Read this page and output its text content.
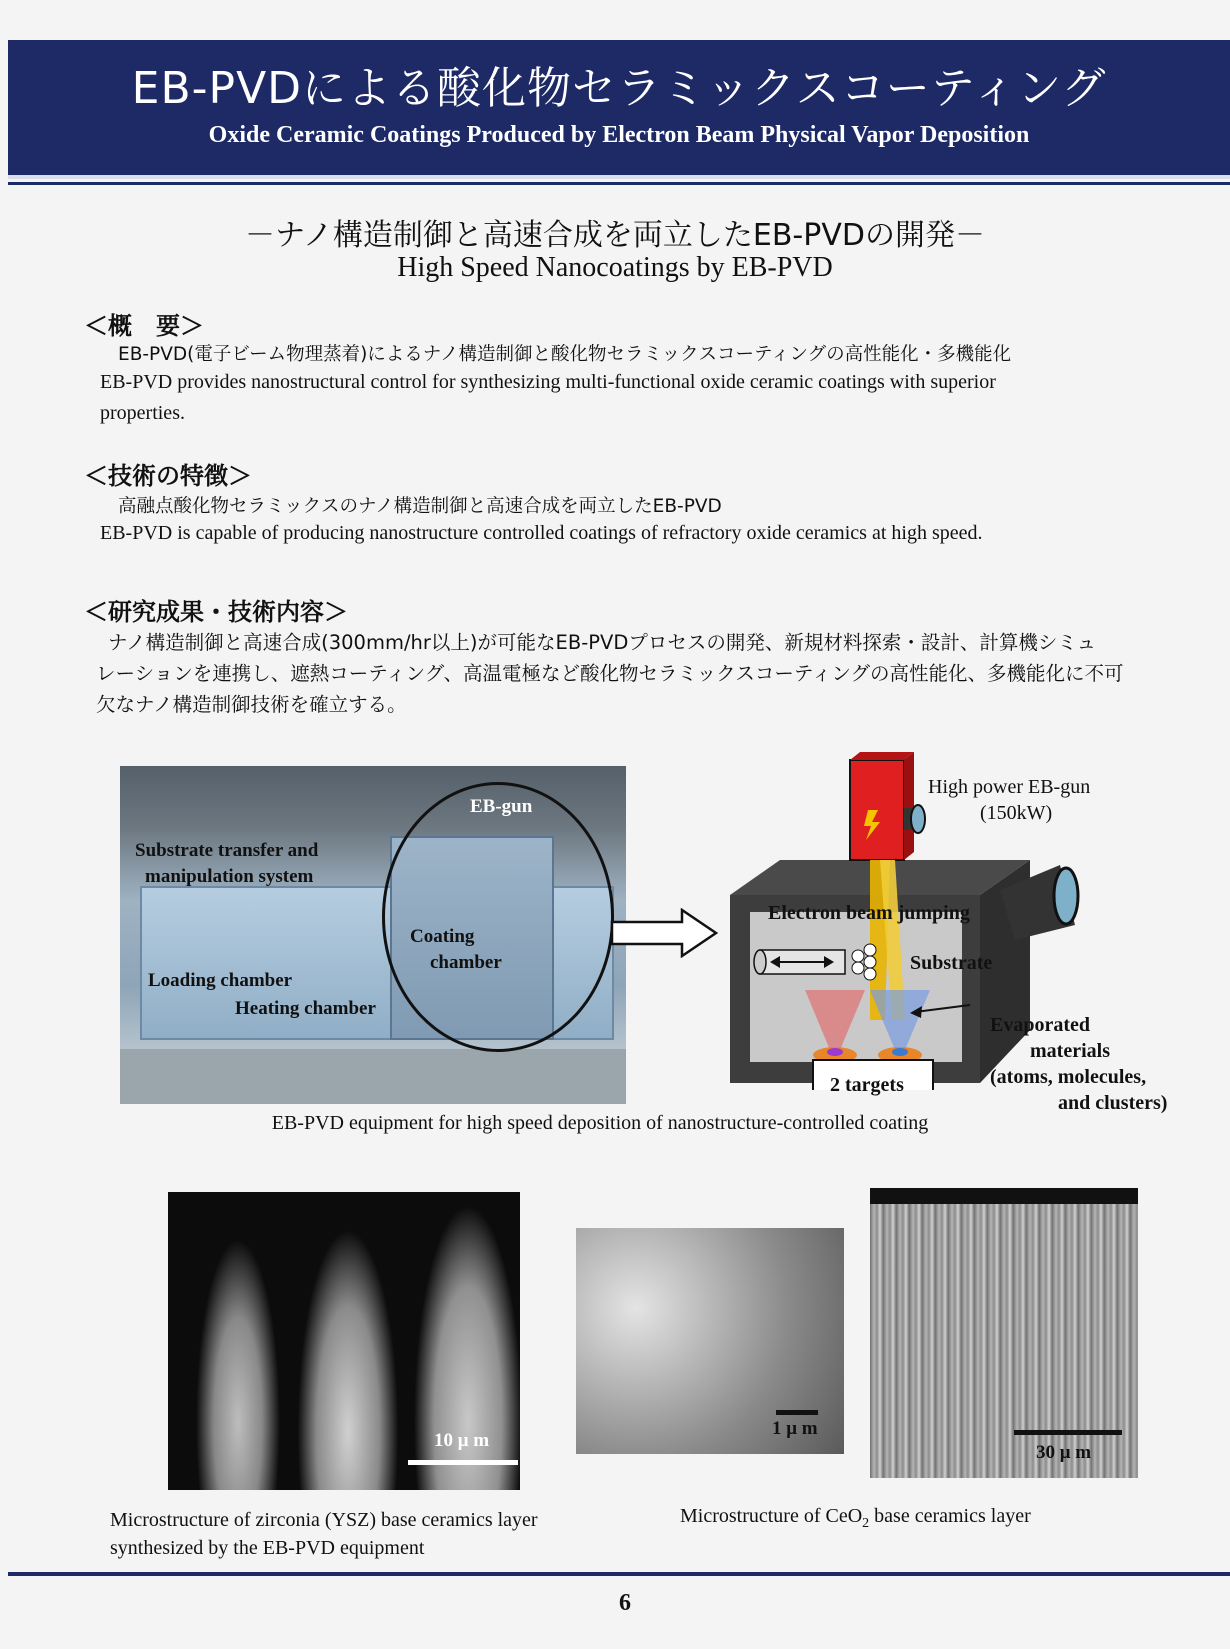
EB-PVDによる酸化物セラミックスコーティング
Oxide Ceramic Coatings Produced by Electron Beam Physical Vapor Deposition
－ナノ構造制御と高速合成を両立したEB-PVDの開発－
High Speed Nanocoatings by EB-PVD
＜概　要＞
EB-PVD(電子ビーム物理蒸着)によるナノ構造制御と酸化物セラミックスコーティングの高性能化・多機能化
EB-PVD provides nanostructural control for synthesizing multi-functional oxide ceramic coatings with superior
properties.
＜技術の特徴＞
高融点酸化物セラミックスのナノ構造制御と高速合成を両立したEB-PVD
EB-PVD is capable of producing nanostructure controlled coatings of refractory oxide ceramics at high speed.
＜研究成果・技術内容＞
ナノ構造制御と高速合成(300mm/hr以上)が可能なEB-PVDプロセスの開発、新規材料探索・設計、計算機シミュ
レーションを連携し、遮熱コーティング、高温電極など酸化物セラミックスコーティングの高性能化、多機能化に不可
欠なナノ構造制御技術を確立する。
EB-gun
Substrate transfer and
manipulation system
Coating
chamber
Loading chamber
Heating chamber
High power EB-gun
(150kW)
Electron beam jumping
Substrate
Evaporated
materials
(atoms, molecules,
and clusters)
2 targets
EB-PVD equipment for high speed deposition of nanostructure-controlled coating
10 μ m
1 μ m
30 μ m
Microstructure of zirconia (YSZ) base ceramics layer
synthesized by the EB-PVD equipment
Microstructure of CeO$_2$ base ceramics layer
6
